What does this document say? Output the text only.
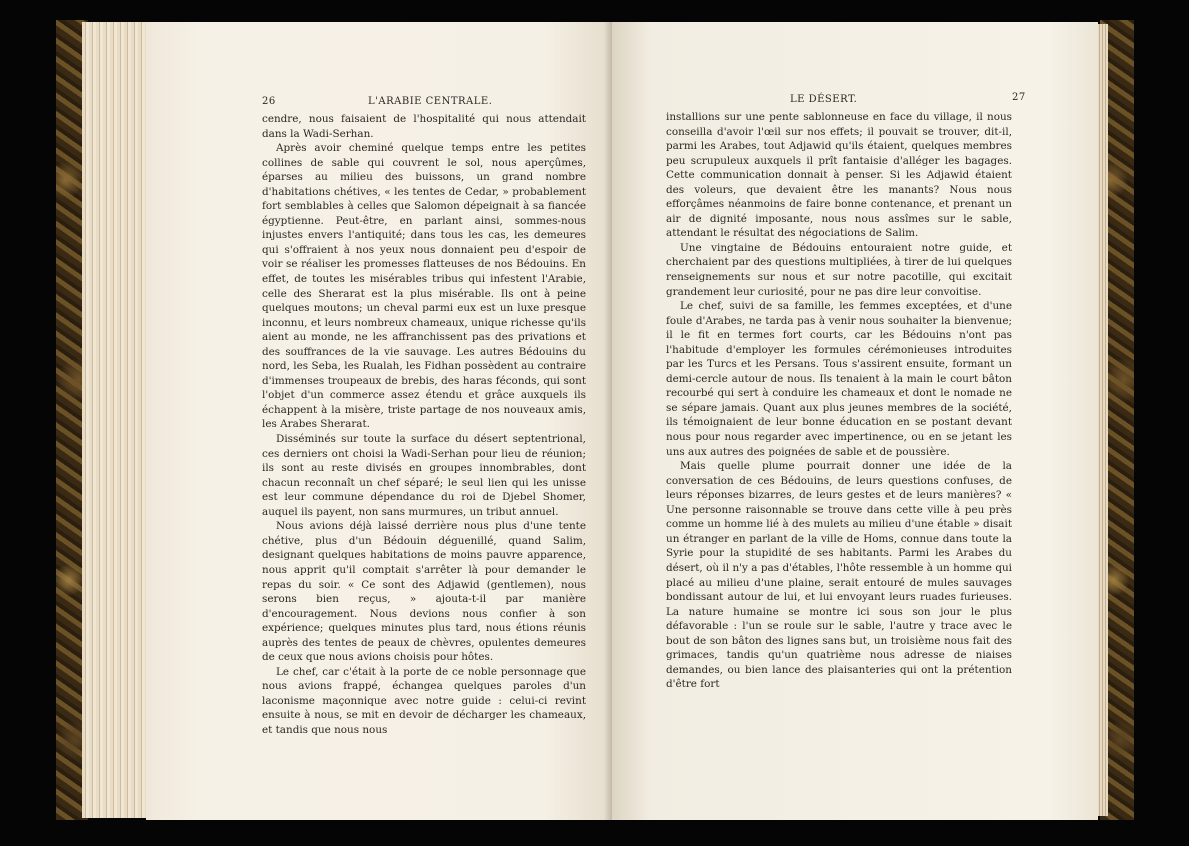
26	L'ARABIE CENTRALE.

cendre, nous faisaient de l'hospitalité qui nous attendait dans la Wadi-Serhan.

Après avoir cheminé quelque temps entre les petites collines de sable qui couvrent le sol, nous aperçûmes, éparses au milieu des buissons, un grand nombre d'habitations chétives, « les tentes de Cedar, » probablement fort semblables à celles que Salomon dépeignait à sa fiancée égyptienne. Peut-être, en parlant ainsi, sommes-nous injustes envers l'antiquité; dans tous les cas, les demeures qui s'offraient à nos yeux nous donnaient peu d'espoir de voir se réaliser les promesses flatteuses de nos Bédouins. En effet, de toutes les misérables tribus qui infestent l'Arabie, celle des Sherarat est la plus misérable. Ils ont à peine quelques moutons; un cheval parmi eux est un luxe presque inconnu, et leurs nombreux chameaux, unique richesse qu'ils aient au monde, ne les affranchissent pas des privations et des souffrances de la vie sauvage. Les autres Bédouins du nord, les Seba, les Rualah, les Fidhan possèdent au contraire d'immenses troupeaux de brebis, des haras féconds, qui sont l'objet d'un commerce assez étendu et grâce auxquels ils échappent à la misère, triste partage de nos nouveaux amis, les Arabes Sherarat.

Disséminés sur toute la surface du désert septentrional, ces derniers ont choisi la Wadi-Serhan pour lieu de réunion; ils sont au reste divisés en groupes innombrables, dont chacun reconnaît un chef séparé; le seul lien qui les unisse est leur commune dépendance du roi de Djebel Shomer, auquel ils payent, non sans murmures, un tribut annuel.

Nous avions déjà laissé derrière nous plus d'une tente chétive, plus d'un Bédouin déguenillé, quand Salim, designant quelques habitations de moins pauvre apparence, nous apprit qu'il comptait s'arrêter là pour demander le repas du soir. « Ce sont des Adjawid (gentlemen), nous serons bien reçus, » ajouta-t-il par manière d'encouragement. Nous devions nous confier à son expérience; quelques minutes plus tard, nous étions réunis auprès des tentes de peaux de chèvres, opulentes demeures de ceux que nous avions choisis pour hôtes.

Le chef, car c'était à la porte de ce noble personnage que nous avions frappé, échangea quelques paroles d'un laconisme maçonnique avec notre guide : celui-ci revint ensuite à nous, se mit en devoir de décharger les chameaux, et tandis que nous nous

LE DÉSERT.	27

installions sur une pente sablonneuse en face du village, il nous conseilla d'avoir l'œil sur nos effets; il pouvait se trouver, dit-il, parmi les Arabes, tout Adjawid qu'ils étaient, quelques membres peu scrupuleux auxquels il prît fantaisie d'alléger les bagages. Cette communication donnait à penser. Si les Adjawid étaient des voleurs, que devaient être les manants? Nous nous efforçâmes néanmoins de faire bonne contenance, et prenant un air de dignité imposante, nous nous assîmes sur le sable, attendant le résultat des négociations de Salim.

Une vingtaine de Bédouins entouraient notre guide, et cherchaient par des questions multipliées, à tirer de lui quelques renseignements sur nous et sur notre pacotille, qui excitait grandement leur curiosité, pour ne pas dire leur convoitise.

Le chef, suivi de sa famille, les femmes exceptées, et d'une foule d'Arabes, ne tarda pas à venir nous souhaiter la bienvenue; il le fit en termes fort courts, car les Bédouins n'ont pas l'habitude d'employer les formules cérémonieuses introduites par les Turcs et les Persans. Tous s'assirent ensuite, formant un demi-cercle autour de nous. Ils tenaient à la main le court bâton recourbé qui sert à conduire les chameaux et dont le nomade ne se sépare jamais. Quant aux plus jeunes membres de la société, ils témoignaient de leur bonne éducation en se postant devant nous pour nous regarder avec impertinence, ou en se jetant les uns aux autres des poignées de sable et de poussière.

Mais quelle plume pourrait donner une idée de la conversation de ces Bédouins, de leurs questions confuses, de leurs réponses bizarres, de leurs gestes et de leurs manières? « Une personne raisonnable se trouve dans cette ville à peu près comme un homme lié à des mulets au milieu d'une étable » disait un étranger en parlant de la ville de Homs, connue dans toute la Syrie pour la stupidité de ses habitants. Parmi les Arabes du désert, où il n'y a pas d'étables, l'hôte ressemble à un homme qui placé au milieu d'une plaine, serait entouré de mules sauvages bondissant autour de lui, et lui envoyant leurs ruades furieuses. La nature humaine se montre ici sous son jour le plus défavorable : l'un se roule sur le sable, l'autre y trace avec le bout de son bâton des lignes sans but, un troisième nous fait des grimaces, tandis qu'un quatrième nous adresse de niaises demandes, ou bien lance des plaisanteries qui ont la prétention d'être fort
